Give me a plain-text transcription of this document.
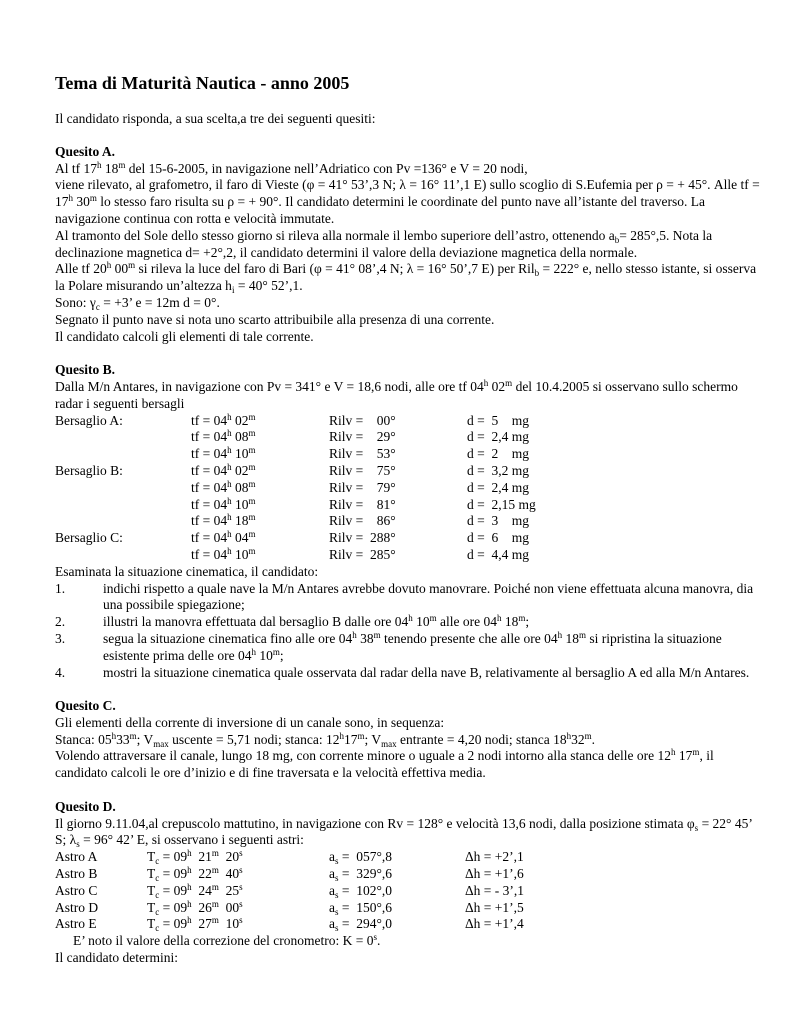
Tema di Maturità Nautica - anno 2005

Il candidato risponda, a sua scelta,a tre dei seguenti quesiti:

Quesito A.

Al tf 17$^h$ 18$^m$ del 15-6-2005, in navigazione nell’Adriatico con Pv =136° e V = 20 nodi,

viene rilevato, al grafometro, il faro di Vieste (φ = 41° 53’,3 N; λ = 16° 11’,1 E) sullo scoglio di S.Eufemia per ρ = + 45°. Alle tf = $17^h$ 30$^m$ lo stesso faro risulta su ρ = + 90°. Il candidato determini le coordinate del punto nave all’istante del traverso. La navigazione continua con rotta e velocità immutate.

Al tramonto del Sole dello stesso giorno si rileva alla normale il lembo superiore dell’astro, ottenendo $a_b= 285^\circ,5$. Nota la declinazione magnetica d= +2°,2, il candidato determini il valore della deviazione magnetica della normale.

Alle tf 20$^h$ 00$^m$ si rileva la luce del faro di Bari (φ = 41° 08’,4 N; λ = 16° 50’,7 E) per Ril$_b$ = 222° e, nello stesso istante, si osserva la Polare misurando un’altezza $h_i = 40^\circ$ 52’,1.

Sono: $\gamma_c = +3$’ e = 12m d = 0°.

Segnato il punto nave si nota uno scarto attribuibile alla presenza di una corrente.

Il candidato calcoli gli elementi di tale corrente.

Quesito B.

Dalla M/n Antares, in navigazione con Pv = 341° e V = 18,6 nodi, alle ore tf 04$^h$ 02$^m$ del 10.4.2005 si osservano sullo schermo radar i seguenti bersagli

Bersaglio A:	tf = $04^h$ 02$^m$	Rilv =    00°	d =  5    mg
tf = $04^h$ 08$^m$	Rilv =    29°	d =  2,4 mg
tf = $04^h$ 10$^m$	Rilv =    53°	d =  2    mg
Bersaglio B:	tf = $04^h$ 02$^m$	Rilv =    75°	d =  3,2 mg
tf = $04^h$ 08$^m$	Rilv =    79°	d =  2,4 mg
tf = $04^h$ 10$^m$	Rilv =    81°	d =  2,15 mg
tf = $04^h$ 18$^m$	Rilv =    86°	d =  3    mg
Bersaglio C:	tf = $04^h$ 04$^m$	Rilv =  288°	d =  6    mg
tf = $04^h$ 10$^m$	Rilv =  285°	d =  4,4 mg

Esaminata la situazione cinematica, il candidato:

1.	indichi rispetto a quale nave la M/n Antares avrebbe dovuto manovrare. Poiché non viene effettuata alcuna manovra, dia una possibile spiegazione;
2.	illustri la manovra effettuata dal bersaglio B dalle ore 04$^h$ 10$^m$ alle ore 04$^h$ 18$^m$;
3.	segua la situazione cinematica fino alle ore 04$^h$ 38$^m$ tenendo presente che alle ore 04$^h$ 18$^m$ si ripristina la situazione esistente prima delle ore 04$^h$ 10$^m$;
4.	mostri la situazione cinematica quale osservata dal radar della nave B, relativamente al bersaglio A ed alla M/n Antares.
Quesito C.

Gli elementi della corrente di inversione di un canale sono, in sequenza:

Stanca: 05$^h$33$^m$; $V_{max}$ uscente = 5,71 nodi; stanca: 12$^h$17$^m$; $V_{max}$ entrante = 4,20 nodi; stanca 18$^h$32$^m$.

Volendo attraversare il canale, lungo 18 mg, con corrente minore o uguale a 2 nodi intorno alla stanca delle ore 12$^h$ 17$^m$, il candidato calcoli le ore d’inizio e di fine traversata e la velocità effettiva media.

Quesito D.

Il giorno 9.11.04,al crepuscolo mattutino, in navigazione con Rv = 128° e velocità 13,6 nodi, dalla posizione stimata $\varphi_s = 22^\circ$ 45’ S; $\lambda_s = 96^\circ$ 42’ E, si osservano i seguenti astri:

Astro A	$T_c = 09^h$  21$^m$  20$^s$	$a_s = 057^\circ,8$	Δh = +2’,1
Astro B	$T_c = 09^h$  22$^m$  40$^s$	$a_s = 329^\circ,6$	Δh = +1’,6
Astro C	$T_c = 09^h$  24$^m$  25$^s$	$a_s = 102^\circ,0$	Δh = - 3’,1
Astro D	$T_c = 09^h$  26$^m$  00$^s$	$a_s = 150^\circ,6$	Δh = +1’,5
Astro E	$T_c = 09^h$  27$^m$  10$^s$	$a_s = 294^\circ,0$	Δh = +1’,4

E’ noto il valore della correzione del cronometro: $K = 0^s$.

Il candidato determini:
